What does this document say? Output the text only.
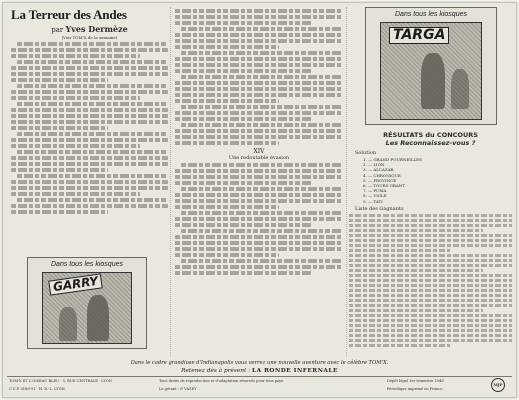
La Terreur des Andes

par Yves Dermèze

(Voir TOM'X de la semaine)

Dans tous les kiosques
GARRY

XIV

Une redoutable évasion

RÉSULTATS du CONCOURS

Les Reconnaissez-vous ?

Solution

1. — GRAND FOURNEILLES
2. — LION
3. — ALCAZAR
4. — CHRONIQUE
5. — PROVINCE
6. — TOURS GRANT
7. — PUMA
8. — VIGLE
9. — TATI

Liste des Gagnants

Dans tous les kiosques
TARGA
Dans le cadre grandiose d'Indianapolis vous verrez une nouvelle aventure avec le célèbre TOM'X.
Retenez dès à présent : LA RONDE INFERNALE
TOM'X ET L'OISEAU BLEU · 5, RUE CENTRALE · LYON	Tous droits de reproduction et d'adaptation réservés pour tous pays.	Dépôt légal 1er trimestre 1946
C.C.P. 3189-91 · H.-D.-L. LYON	Le gérant : P. VAZEY	Périodique imprimé en France
MJP
